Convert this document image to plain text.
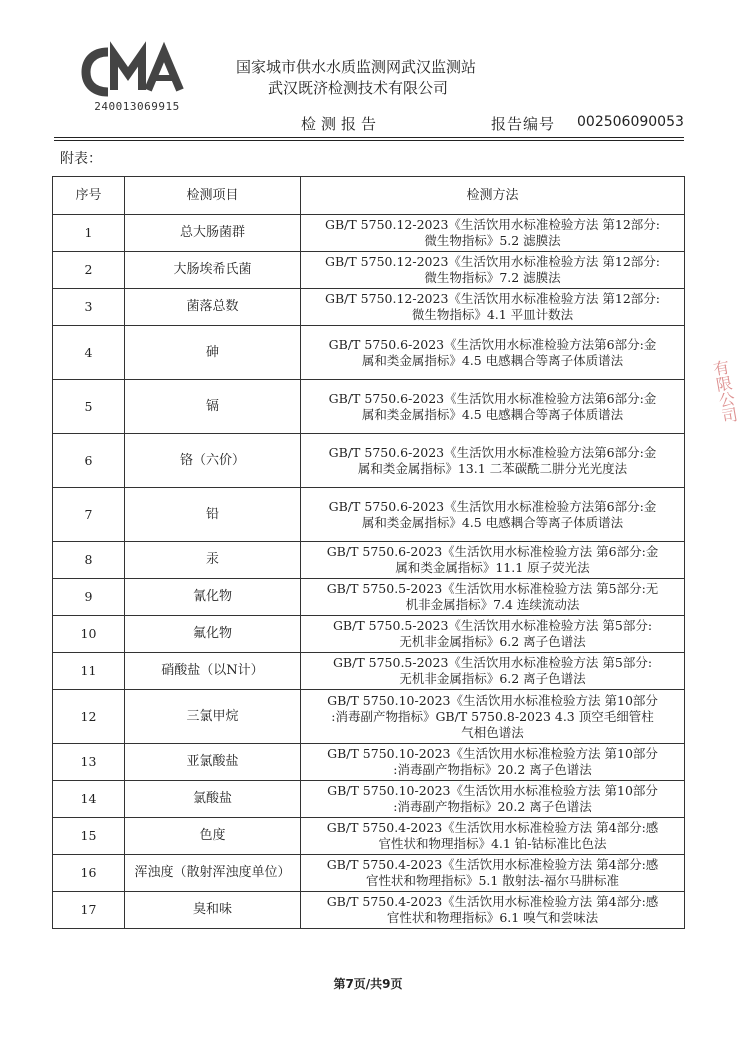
240013069915
国家城市供水水质监测网武汉监测站
武汉既济检测技术有限公司
检测报告	报告编号 002506090053
附表：
序号	检测项目	检测方法
1	总大肠菌群	GB/T 5750.12-2023《生活饮用水标准检验方法 第12部分:
微生物指标》5.2 滤膜法

2	大肠埃希氏菌	GB/T 5750.12-2023《生活饮用水标准检验方法 第12部分:
微生物指标》7.2 滤膜法

3	菌落总数	GB/T 5750.12-2023《生活饮用水标准检验方法 第12部分:
微生物指标》4.1 平皿计数法

4	砷	GB/T 5750.6-2023《生活饮用水标准检验方法第6部分:金
属和类金属指标》4.5 电感耦合等离子体质谱法

5	镉	GB/T 5750.6-2023《生活饮用水标准检验方法第6部分:金
属和类金属指标》4.5 电感耦合等离子体质谱法

6	铬（六价）	GB/T 5750.6-2023《生活饮用水标准检验方法第6部分:金
属和类金属指标》13.1 二苯碳酰二肼分光光度法

7	铅	GB/T 5750.6-2023《生活饮用水标准检验方法第6部分:金
属和类金属指标》4.5 电感耦合等离子体质谱法

8	汞	GB/T 5750.6-2023《生活饮用水标准检验方法 第6部分:金
属和类金属指标》11.1 原子荧光法

9	氰化物	GB/T 5750.5-2023《生活饮用水标准检验方法 第5部分:无
机非金属指标》7.4 连续流动法

10	氟化物	GB/T 5750.5-2023《生活饮用水标准检验方法 第5部分:
无机非金属指标》6.2 离子色谱法

11	硝酸盐（以N计）	GB/T 5750.5-2023《生活饮用水标准检验方法 第5部分:
无机非金属指标》6.2 离子色谱法

12	三氯甲烷	GB/T 5750.10-2023《生活饮用水标准检验方法 第10部分
:消毒副产物指标》GB/T 5750.8-2023 4.3 顶空毛细管柱
气相色谱法

13	亚氯酸盐	GB/T 5750.10-2023《生活饮用水标准检验方法 第10部分
:消毒副产物指标》20.2 离子色谱法

14	氯酸盐	GB/T 5750.10-2023《生活饮用水标准检验方法 第10部分
:消毒副产物指标》20.2 离子色谱法

15	色度	GB/T 5750.4-2023《生活饮用水标准检验方法 第4部分:感
官性状和物理指标》4.1 铂-钴标准比色法

16	浑浊度（散射浑浊度单位）	GB/T 5750.4-2023《生活饮用水标准检验方法 第4部分:感
官性状和物理指标》5.1 散射法-福尔马肼标准

17	臭和味	GB/T 5750.4-2023《生活饮用水标准检验方法 第4部分:感
官性状和物理指标》6.1 嗅气和尝味法
第7页/共9页
有限公司
